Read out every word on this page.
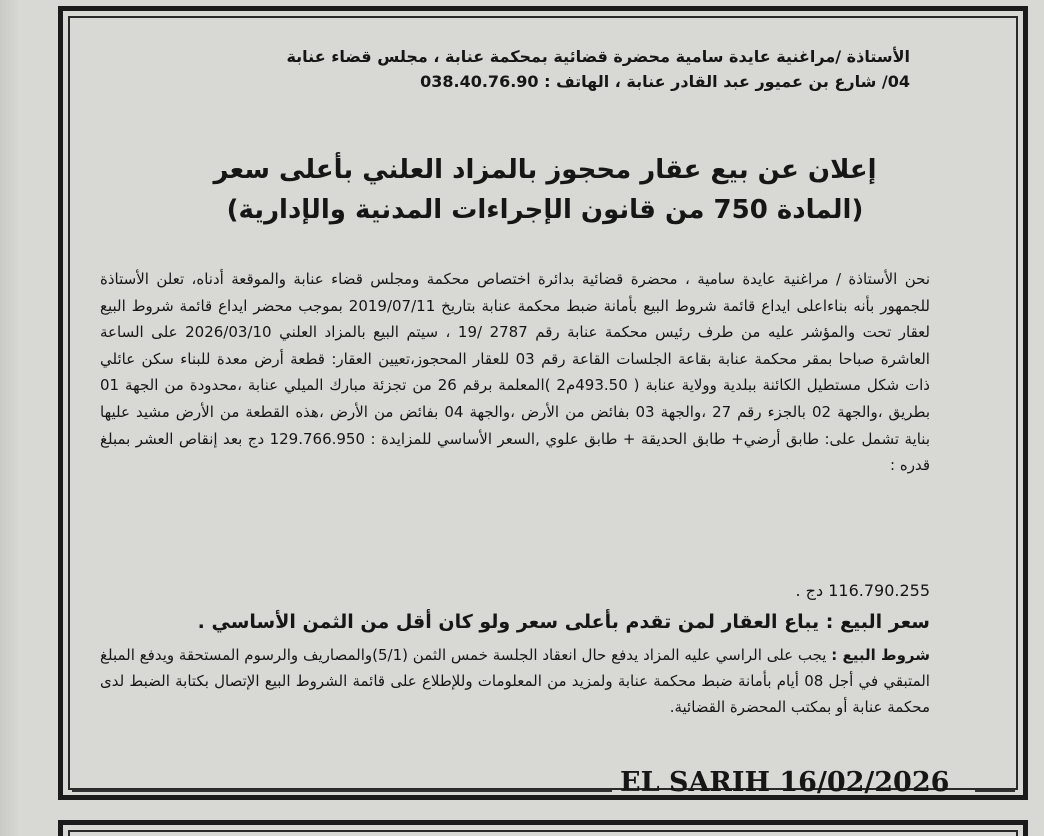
الأستاذة /مراغنية عايدة سامية محضرة قضائية بمحكمة عنابة ، مجلس قضاء عنابة
04/ شارع بن عميور عبد القادر عنابة ، الهاتف : 038.40.76.90
إعلان عن بيع عقار محجوز بالمزاد العلني بأعلى سعر
(المادة 750 من قانون الإجراءات المدنية والإدارية)

نحن الأستاذة / مراغنية عايدة سامية ، محضرة قضائية بدائرة اختصاص محكمة ومجلس قضاء عنابة والموقعة أدناه، تعلن الأستاذة للجمهور بأنه بناءاعلى ايداع قائمة شروط البيع بأمانة ضبط محكمة عنابة بتاريخ 2019/07/11 بموجب محضر ايداع قائمة شروط البيع لعقار تحت والمؤشر عليه من طرف رئيس محكمة عنابة رقم 2787 /19 ، سيتم البيع بالمزاد العلني 2026/03/10 على الساعة العاشرة صباحا بمقر محكمة عنابة بقاعة الجلسات القاعة رقم 03 للعقار المحجوز،تعيين العقار: قطعة أرض معدة للبناء سكن عائلي ذات شكل مستطيل الكائنة ببلدية وولاية عنابة ( 493.50م2 )المعلمة برقم 26 من تجزئة مبارك الميلي عنابة ،محدودة من الجهة 01 بطريق ،والجهة 02 بالجزء رقم 27 ،والجهة 03 بفائض من الأرض ،والجهة 04 بفائض من الأرض ،هذه القطعة من الأرض مشيد عليها بناية تشمل على: طابق أرضي+ طابق الحديقة + طابق علوي ,السعر الأساسي للمزايدة : 129.766.950 دج بعد إنقاص العشر بمبلغ قدره :

116.790.255 دج .
سعر البيع : يباع العقار لمن تقدم بأعلى سعر ولو كان أقل من الثمن الأساسي .
شروط البيع : يجب على الراسي عليه المزاد يدفع حال انعقاد الجلسة خمس الثمن (5/1)والمصاريف والرسوم المستحقة ويدفع المبلغ المتبقي في أجل 08 أيام بأمانة ضبط محكمة عنابة ولمزيد من المعلومات وللإطلاع على قائمة الشروط البيع الإتصال بكتابة الضبط لدى محكمة عنابة أو بمكتب المحضرة القضائية.
EL SARIH 16/02/2026
